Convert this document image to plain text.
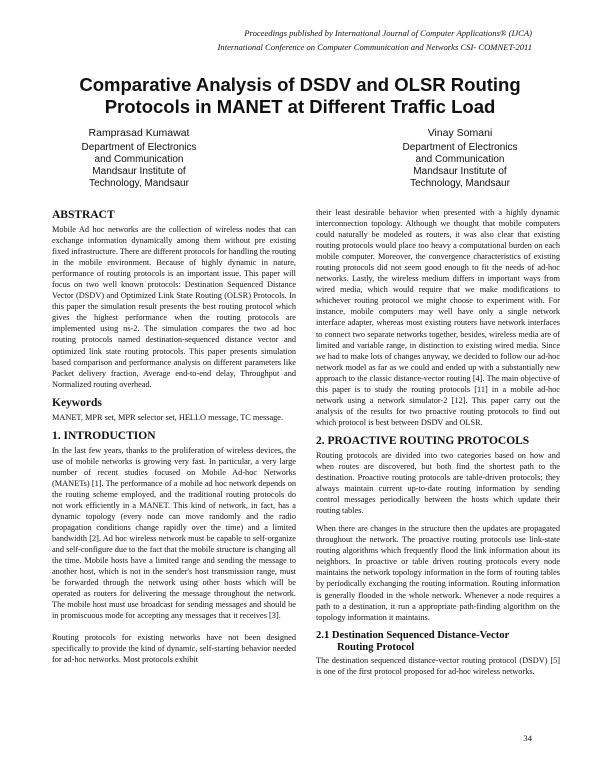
Proceedings published by International Journal of Computer Applications® (IJCA)
International Conference on Computer Communication and Networks CSI- COMNET-2011
Comparative Analysis of DSDV and OLSR Routing
Protocols in MANET at Different Traffic Load
Ramprasad Kumawat
Department of Electronics
and Communication
Mandsaur Institute of
Technology, Mandsaur
Vinay Somani
Department of Electronics
and Communication
Mandsaur Institute of
Technology, Mandsaur
ABSTRACT

Mobile Ad hoc networks are the collection of wireless nodes that can exchange information dynamically among them without pre existing fixed infrastructure. There are different protocols for handling the routing in the mobile environment. Because of highly dynamic in nature, performance of routing protocols is an important issue. This paper will focus on two well known protocols: Destination Sequenced Distance Vector (DSDV) and Optimized Link State Routing (OLSR) Protocols. In this paper the simulation result presents the best routing protocol which gives the highest performance when the routing protocols are implemented using ns-2. The simulation compares the two ad hoc routing protocols named destination-sequenced distance vector and optimized link state routing protocols. This paper presents simulation based comparison and performance analysis on different parameters like Packet delivery fraction, Average end-to-end delay, Throughput and Normalized routing overhead.

Keywords

MANET, MPR set, MPR selector set, HELLO message, TC message.

1. INTRODUCTION

In the last few years, thanks to the proliferation of wireless devices, the use of mobile networks is growing very fast. In particular, a very large number of recent studies focused on Mobile Ad-hoc Networks (MANETs) [1]. The performance of a mobile ad hoc network depends on the routing scheme employed, and the traditional routing protocols do not work efficiently in a MANET. This kind of network, in fact, has a dynamic topology (every node can move randomly and the radio propagation conditions change rapidly over the time) and a limited bandwidth [2]. Ad hoc wireless network must be capable to self-organize and self-configure due to the fact that the mobile structure is changing all the time. Mobile hosts have a limited range and sending the message to another host, which is not in the sender's host transmission range, must be forwarded through the network using other hosts which will be operated as routers for delivering the message throughout the network. The mobile host must use broadcast for sending messages and should be in promiscuous mode for accepting any messages that it receives [3].

Routing protocols for existing networks have not been designed specifically to provide the kind of dynamic, self-starting behavior needed for ad-hoc networks. Most protocols exhibit

their least desirable behavior when presented with a highly dynamic interconnection topology. Although we thought that mobile computers could naturally be modeled as routers, it was also clear that existing routing protocols would place too heavy a computational burden on each mobile computer. Moreover, the convergence characteristics of existing routing protocols did not seem good enough to fit the needs of ad-hoc networks. Lastly, the wireless medium differs in important ways from wired media, which would require that we make modifications to whichever routing protocol we might choose to experiment with. For instance, mobile computers may well have only a single network interface adapter, whereas most existing routers have network interfaces to connect two separate networks together, besides, wireless media are of limited and variable range, in distinction to existing wired media. Since we had to make lots of changes anyway, we decided to follow our ad-hoc network model as far as we could and ended up with a substantially new approach to the classic distance-vector routing [4]. The main objective of this paper is to study the routing protocols [11] in a mobile ad-hoc network using a network simulator-2 [12]. This paper carry out the analysis of the results for two proactive routing protocols to find out which protocol is best between DSDV and OLSR.

2. PROACTIVE ROUTING PROTOCOLS

Routing protocols are divided into two categories based on how and when routes are discovered, but both find the shortest path to the destination. Proactive routing protocols are table-driven protocols; they always maintain current up-to-date routing information by sending control messages periodically between the hosts which update their routing tables.

When there are changes in the structure then the updates are propagated throughout the network. The proactive routing protocols use link-state routing algorithms which frequently flood the link information about its neighbors. In proactive or table driven routing protocols every node maintains the network topology information in the form of routing tables by periodically exchanging the routing information. Routing information is generally flooded in the whole network. Whenever a node requires a path to a destination, it run a appropriate path-finding algorithm on the topology information it maintains.

2.1 Destination Sequenced Distance-Vector
Routing Protocol

The destination sequenced distance-vector routing protocol (DSDV) [5] is one of the first protocol proposed for ad-hoc wireless networks.

34
